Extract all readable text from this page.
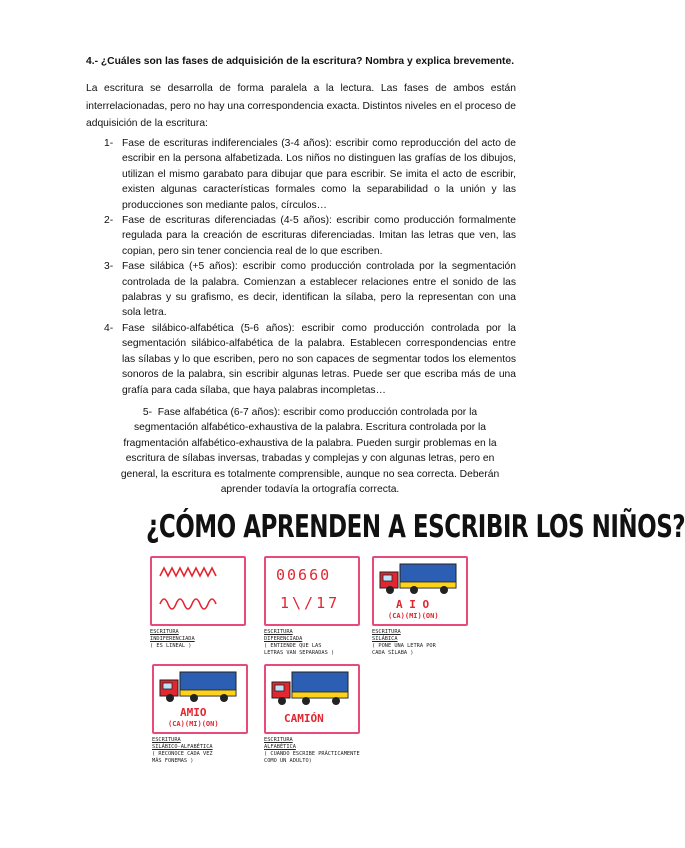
4.- ¿Cuáles son las fases de adquisición de la escritura? Nombra y explica brevemente.
La escritura se desarrolla de forma paralela a la lectura. Las fases de ambos están interrelacionadas, pero no hay una correspondencia exacta. Distintos niveles en el proceso de adquisición de la escritura:
1- Fase de escrituras indiferenciales (3-4 años): escribir como reproducción del acto de escribir en la persona alfabetizada. Los niños no distinguen las grafías de los dibujos, utilizan el mismo garabato para dibujar que para escribir. Se imita el acto de escribir, existen algunas características formales como la separabilidad o la unión y las producciones son mediante palos, círculos…
2- Fase de escrituras diferenciadas (4-5 años): escribir como producción formalmente regulada para la creación de escrituras diferenciadas. Imitan las letras que ven, las copian, pero sin tener conciencia real de lo que escriben.
3- Fase silábica (+5 años): escribir como producción controlada por la segmentación controlada de la palabra. Comienzan a establecer relaciones entre el sonido de las palabras y su grafismo, es decir, identifican la sílaba, pero la representan con una sola letra.
4- Fase silábico-alfabética (5-6 años): escribir como producción controlada por la segmentación silábico-alfabética de la palabra. Establecen correspondencias entre las sílabas y lo que escriben, pero no son capaces de segmentar todos los elementos sonoros de la palabra, sin escribir algunas letras. Puede ser que escriba más de una grafía para cada sílaba, que haya palabras incompletas…
5- Fase alfabética (6-7 años): escribir como producción controlada por la segmentación alfabético-exhaustiva de la palabra. Escritura controlada por la fragmentación alfabético-exhaustiva de la palabra. Pueden surgir problemas en la escritura de sílabas inversas, trabadas y complejas y con algunas letras, pero en general, la escritura es totalmente comprensible, aunque no sea correcta. Deberán aprender todavía la ortografía correcta.
¿CÓMO APRENDEN A ESCRIBIR LOS NIÑOS?
ESCRITURA
INDIFERENCIADA
( ES LINEAL )
00660
1\/17
ESCRITURA
DIFERENCIADA
( ENTIENDE QUE LAS
LETRAS VAN SEPARADAS )
A I O
(CA)(MI)(ON)
ESCRITURA
SILÁBICA
( PONE UNA LETRA POR
CADA SÍLABA )
AMIO
(CA)(MI)(ON)
ESCRITURA
SILÁBICO-ALFABÉTICA
( RECONOCE CADA VEZ
MÁS FONEMAS )
CAMIÓN
ESCRITURA
ALFABÉTICA
( CUANDO ESCRIBE PRÁCTICAMENTE
COMO UN ADULTO)
